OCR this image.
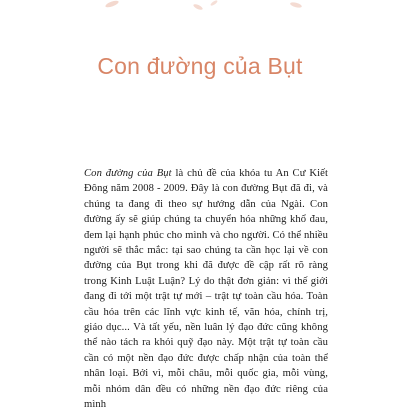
Con đường của Bụt

Con đường của Bụt là chủ đề của khóa tu An Cư Kiết Đông năm 2008 - 2009. Đây là con đường Bụt đã đi, và chúng ta đang đi theo sự hướng dẫn của Ngài. Con đường ấy sẽ giúp chúng ta chuyển hóa những khổ đau, đem lại hạnh phúc cho mình và cho người. Có thể nhiều người sẽ thắc mắc: tại sao chúng ta cần học lại về con đường của Bụt trong khi đã được đề cập rất rõ ràng trong Kinh Luật Luận? Lý do thật đơn giản: vì thế giới đang đi tới một trật tự mới – trật tự toàn cầu hóa. Toàn cầu hóa trên các lĩnh vực kinh tế, văn hóa, chính trị, giáo dục... Và tất yếu, nền luân lý đạo đức cũng không thể nào tách ra khỏi quỹ đạo này. Một trật tự toàn cầu cần có một nền đạo đức được chấp nhận của toàn thể nhân loại. Bởi vì, mỗi châu, mỗi quốc gia, mỗi vùng, mỗi nhóm dân đều có những nền đạo đức riêng của mình
